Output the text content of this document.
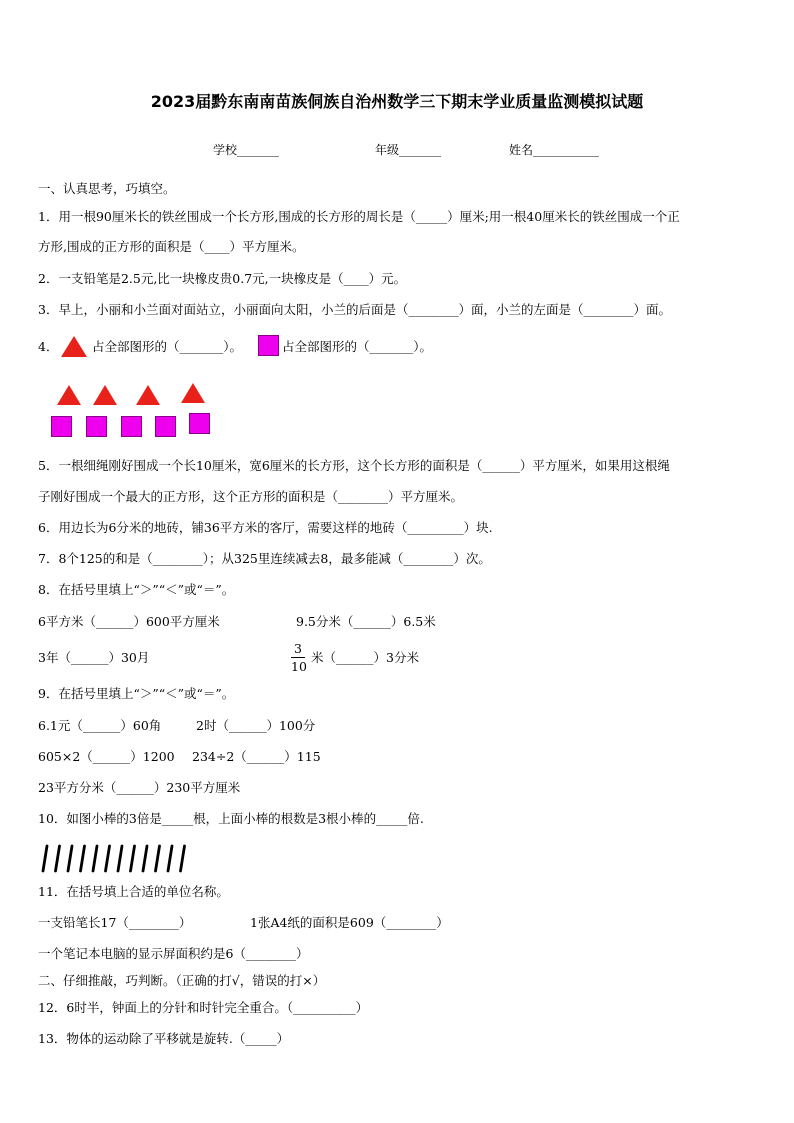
2023届黔东南南苗族侗族自治州数学三下期末学业质量监测模拟试题
学校_______	年级_______	姓名___________
一、认真思考，巧填空。
1．用一根90厘米长的铁丝围成一个长方形,围成的长方形的周长是（_____）厘米;用一根40厘米长的铁丝围成一个正
方形,围成的正方形的面积是（____）平方厘米。
2．一支铅笔是2.5元,比一块橡皮贵0.7元,一块橡皮是（____）元。
3．早上，小丽和小兰面对面站立，小丽面向太阳，小兰的后面是（________）面，小兰的左面是（________）面。
4．	占全部图形的（_______）。	占全部图形的（_______）。
5．一根细绳刚好围成一个长10厘米，宽6厘米的长方形，这个长方形的面积是（______）平方厘米，如果用这根绳
子刚好围成一个最大的正方形，这个正方形的面积是（________）平方厘米。
6．用边长为6分米的地砖，铺36平方米的客厅，需要这样的地砖（_________）块.
7．8个125的和是（________）；从325里连续减去8，最多能减（________）次。
8．在括号里填上“＞”“＜”或“＝”。
6平方米（______）600平方厘米	9.5分米（______）6.5米
3年（______）30月
3
10
米（______）3分米
9．在括号里填上“＞”“＜”或“＝”。
6.1元（______）60角	2时（______）100分
605×2（______）1200 234÷2（______）115
23平方分米（______）230平方厘米
10．如图小棒的3倍是_____根，上面小棒的根数是3根小棒的_____倍.
11．在括号填上合适的单位名称。
一支铅笔长17（________）	1张A4纸的面积是609（________）
一个笔记本电脑的显示屏面积约是6（________）
二、仔细推敲，巧判断。（正确的打√，错误的打×）
12．6时半，钟面上的分针和时针完全重合。（__________）
13．物体的运动除了平移就是旋转.（_____）
